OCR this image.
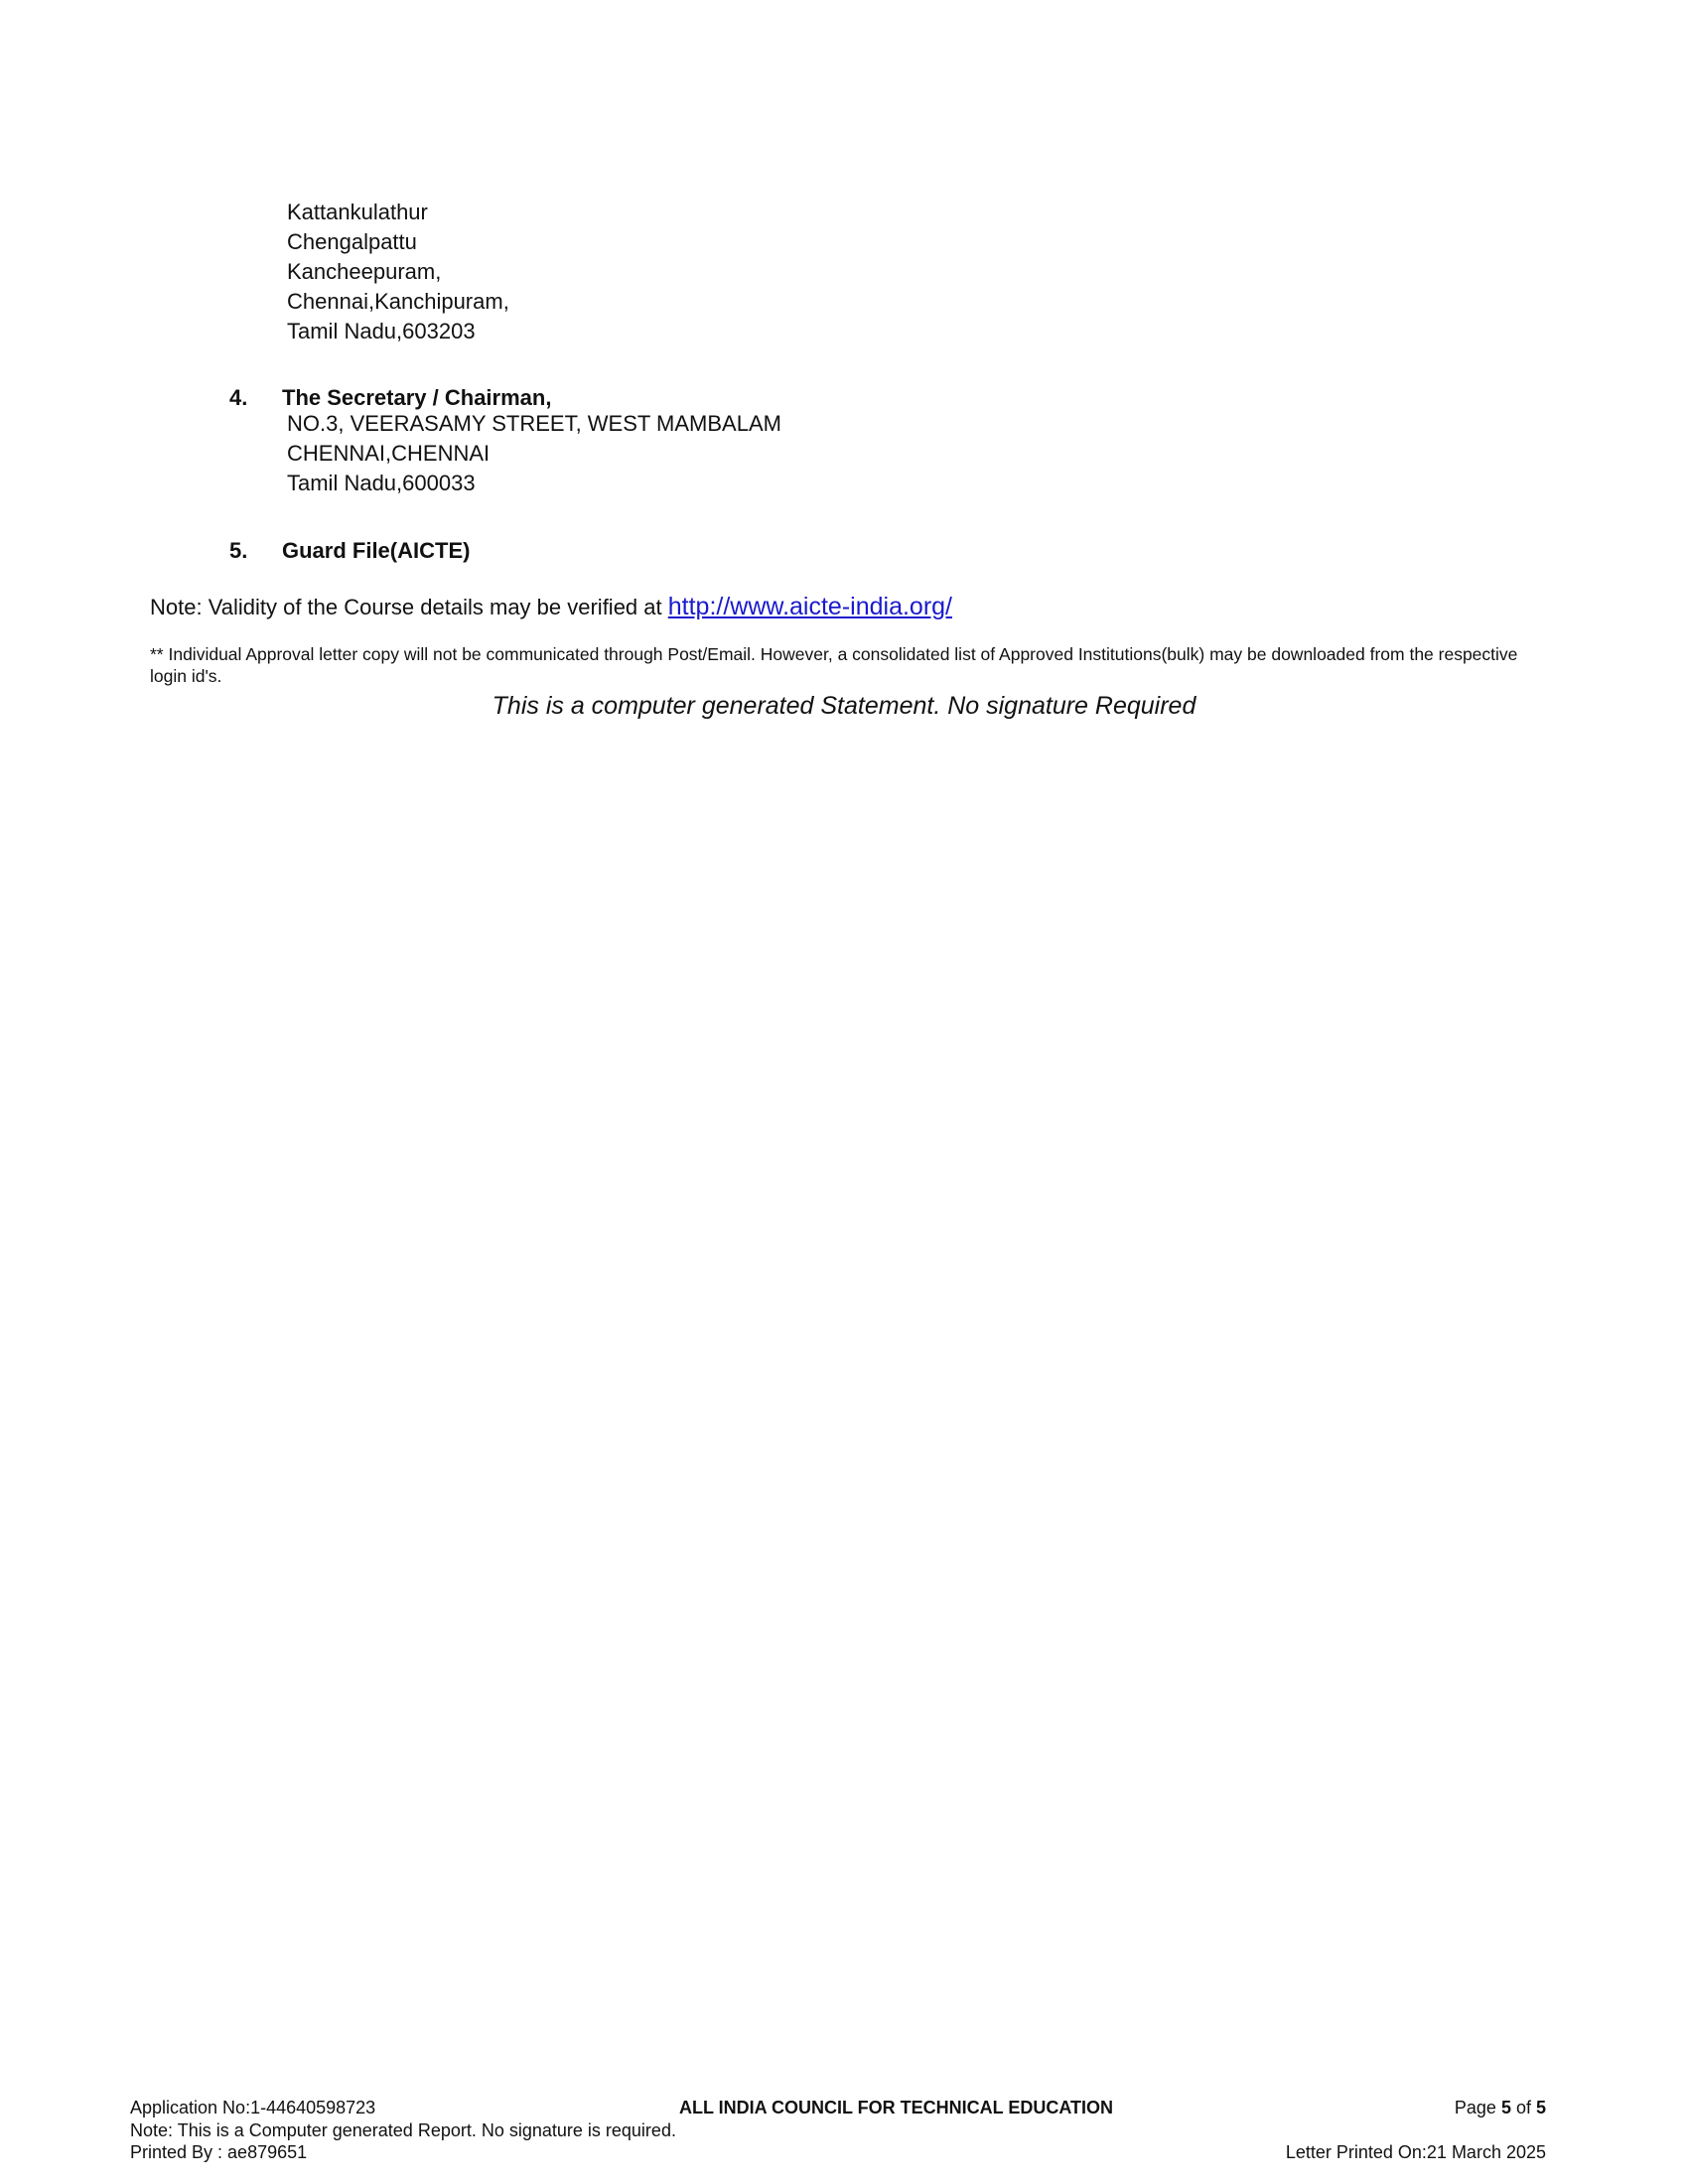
Kattankulathur
Chengalpattu
Kancheepuram,
Chennai,Kanchipuram,
Tamil Nadu,603203
4. The Secretary / Chairman,
NO.3, VEERASAMY STREET, WEST MAMBALAM
CHENNAI,CHENNAI
Tamil Nadu,600033
5. Guard File(AICTE)
Note: Validity of the Course details may be verified at http://www.aicte-india.org/
** Individual Approval letter copy will not be communicated through Post/Email. However, a consolidated list of Approved Institutions(bulk) may be downloaded from the respective login id's.
This is a computer generated Statement. No signature Required
Application No:1-44640598723
Note: This is a Computer generated Report. No signature is required.
Printed By : ae879651
ALL INDIA COUNCIL FOR TECHNICAL EDUCATION	Page 5 of 5
Letter Printed On:21 March 2025
